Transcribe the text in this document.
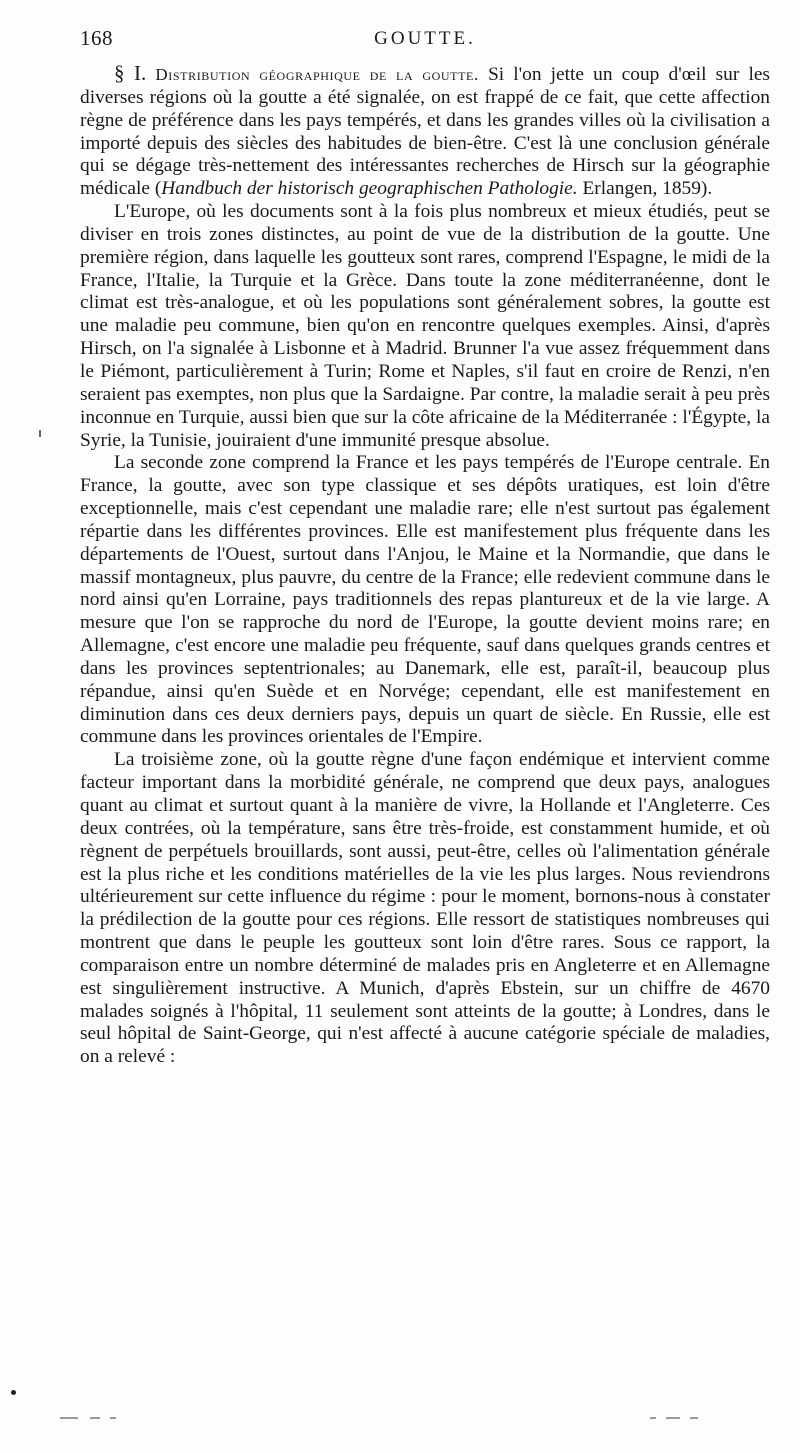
168	GOUTTE.

§ I. Distribution géographique de la goutte. Si l'on jette un coup d'œil sur les diverses régions où la goutte a été signalée, on est frappé de ce fait, que cette affection règne de préférence dans les pays tempérés, et dans les grandes villes où la civilisation a importé depuis des siècles des habitudes de bien-être. C'est là une conclusion générale qui se dégage très-nettement des intéressantes recherches de Hirsch sur la géographie médicale (Handbuch der historisch geographischen Pathologie. Erlangen, 1859).

L'Europe, où les documents sont à la fois plus nombreux et mieux étudiés, peut se diviser en trois zones distinctes, au point de vue de la distribution de la goutte. Une première région, dans laquelle les goutteux sont rares, comprend l'Espagne, le midi de la France, l'Italie, la Turquie et la Grèce. Dans toute la zone méditerranéenne, dont le climat est très-analogue, et où les populations sont généralement sobres, la goutte est une maladie peu commune, bien qu'on en rencontre quelques exemples. Ainsi, d'après Hirsch, on l'a signalée à Lisbonne et à Madrid. Brunner l'a vue assez fréquemment dans le Piémont, particulièrement à Turin; Rome et Naples, s'il faut en croire de Renzi, n'en seraient pas exemptes, non plus que la Sardaigne. Par contre, la maladie serait à peu près inconnue en Turquie, aussi bien que sur la côte africaine de la Méditerranée : l'Égypte, la Syrie, la Tunisie, jouiraient d'une immunité presque absolue.

La seconde zone comprend la France et les pays tempérés de l'Europe centrale. En France, la goutte, avec son type classique et ses dépôts uratiques, est loin d'être exceptionnelle, mais c'est cependant une maladie rare; elle n'est surtout pas également répartie dans les différentes provinces. Elle est manifestement plus fréquente dans les départements de l'Ouest, surtout dans l'Anjou, le Maine et la Normandie, que dans le massif montagneux, plus pauvre, du centre de la France; elle redevient commune dans le nord ainsi qu'en Lorraine, pays traditionnels des repas plantureux et de la vie large. A mesure que l'on se rapproche du nord de l'Europe, la goutte devient moins rare; en Allemagne, c'est encore une maladie peu fréquente, sauf dans quelques grands centres et dans les provinces septentrionales; au Danemark, elle est, paraît-il, beaucoup plus répandue, ainsi qu'en Suède et en Norvége; cependant, elle est manifestement en diminution dans ces deux derniers pays, depuis un quart de siècle. En Russie, elle est commune dans les provinces orientales de l'Empire.

La troisième zone, où la goutte règne d'une façon endémique et intervient comme facteur important dans la morbidité générale, ne comprend que deux pays, analogues quant au climat et surtout quant à la manière de vivre, la Hollande et l'Angleterre. Ces deux contrées, où la température, sans être très-froide, est constamment humide, et où règnent de perpétuels brouillards, sont aussi, peut-être, celles où l'alimentation générale est la plus riche et les conditions matérielles de la vie les plus larges. Nous reviendrons ultérieurement sur cette influence du régime : pour le moment, bornons-nous à constater la prédilection de la goutte pour ces régions. Elle ressort de statistiques nombreuses qui montrent que dans le peuple les goutteux sont loin d'être rares. Sous ce rapport, la comparaison entre un nombre déterminé de malades pris en Angleterre et en Allemagne est singulièrement instructive. A Munich, d'après Ebstein, sur un chiffre de 4670 malades soignés à l'hôpital, 11 seulement sont atteints de la goutte; à Londres, dans le seul hôpital de Saint-George, qui n'est affecté à aucune catégorie spéciale de maladies, on a relevé :
